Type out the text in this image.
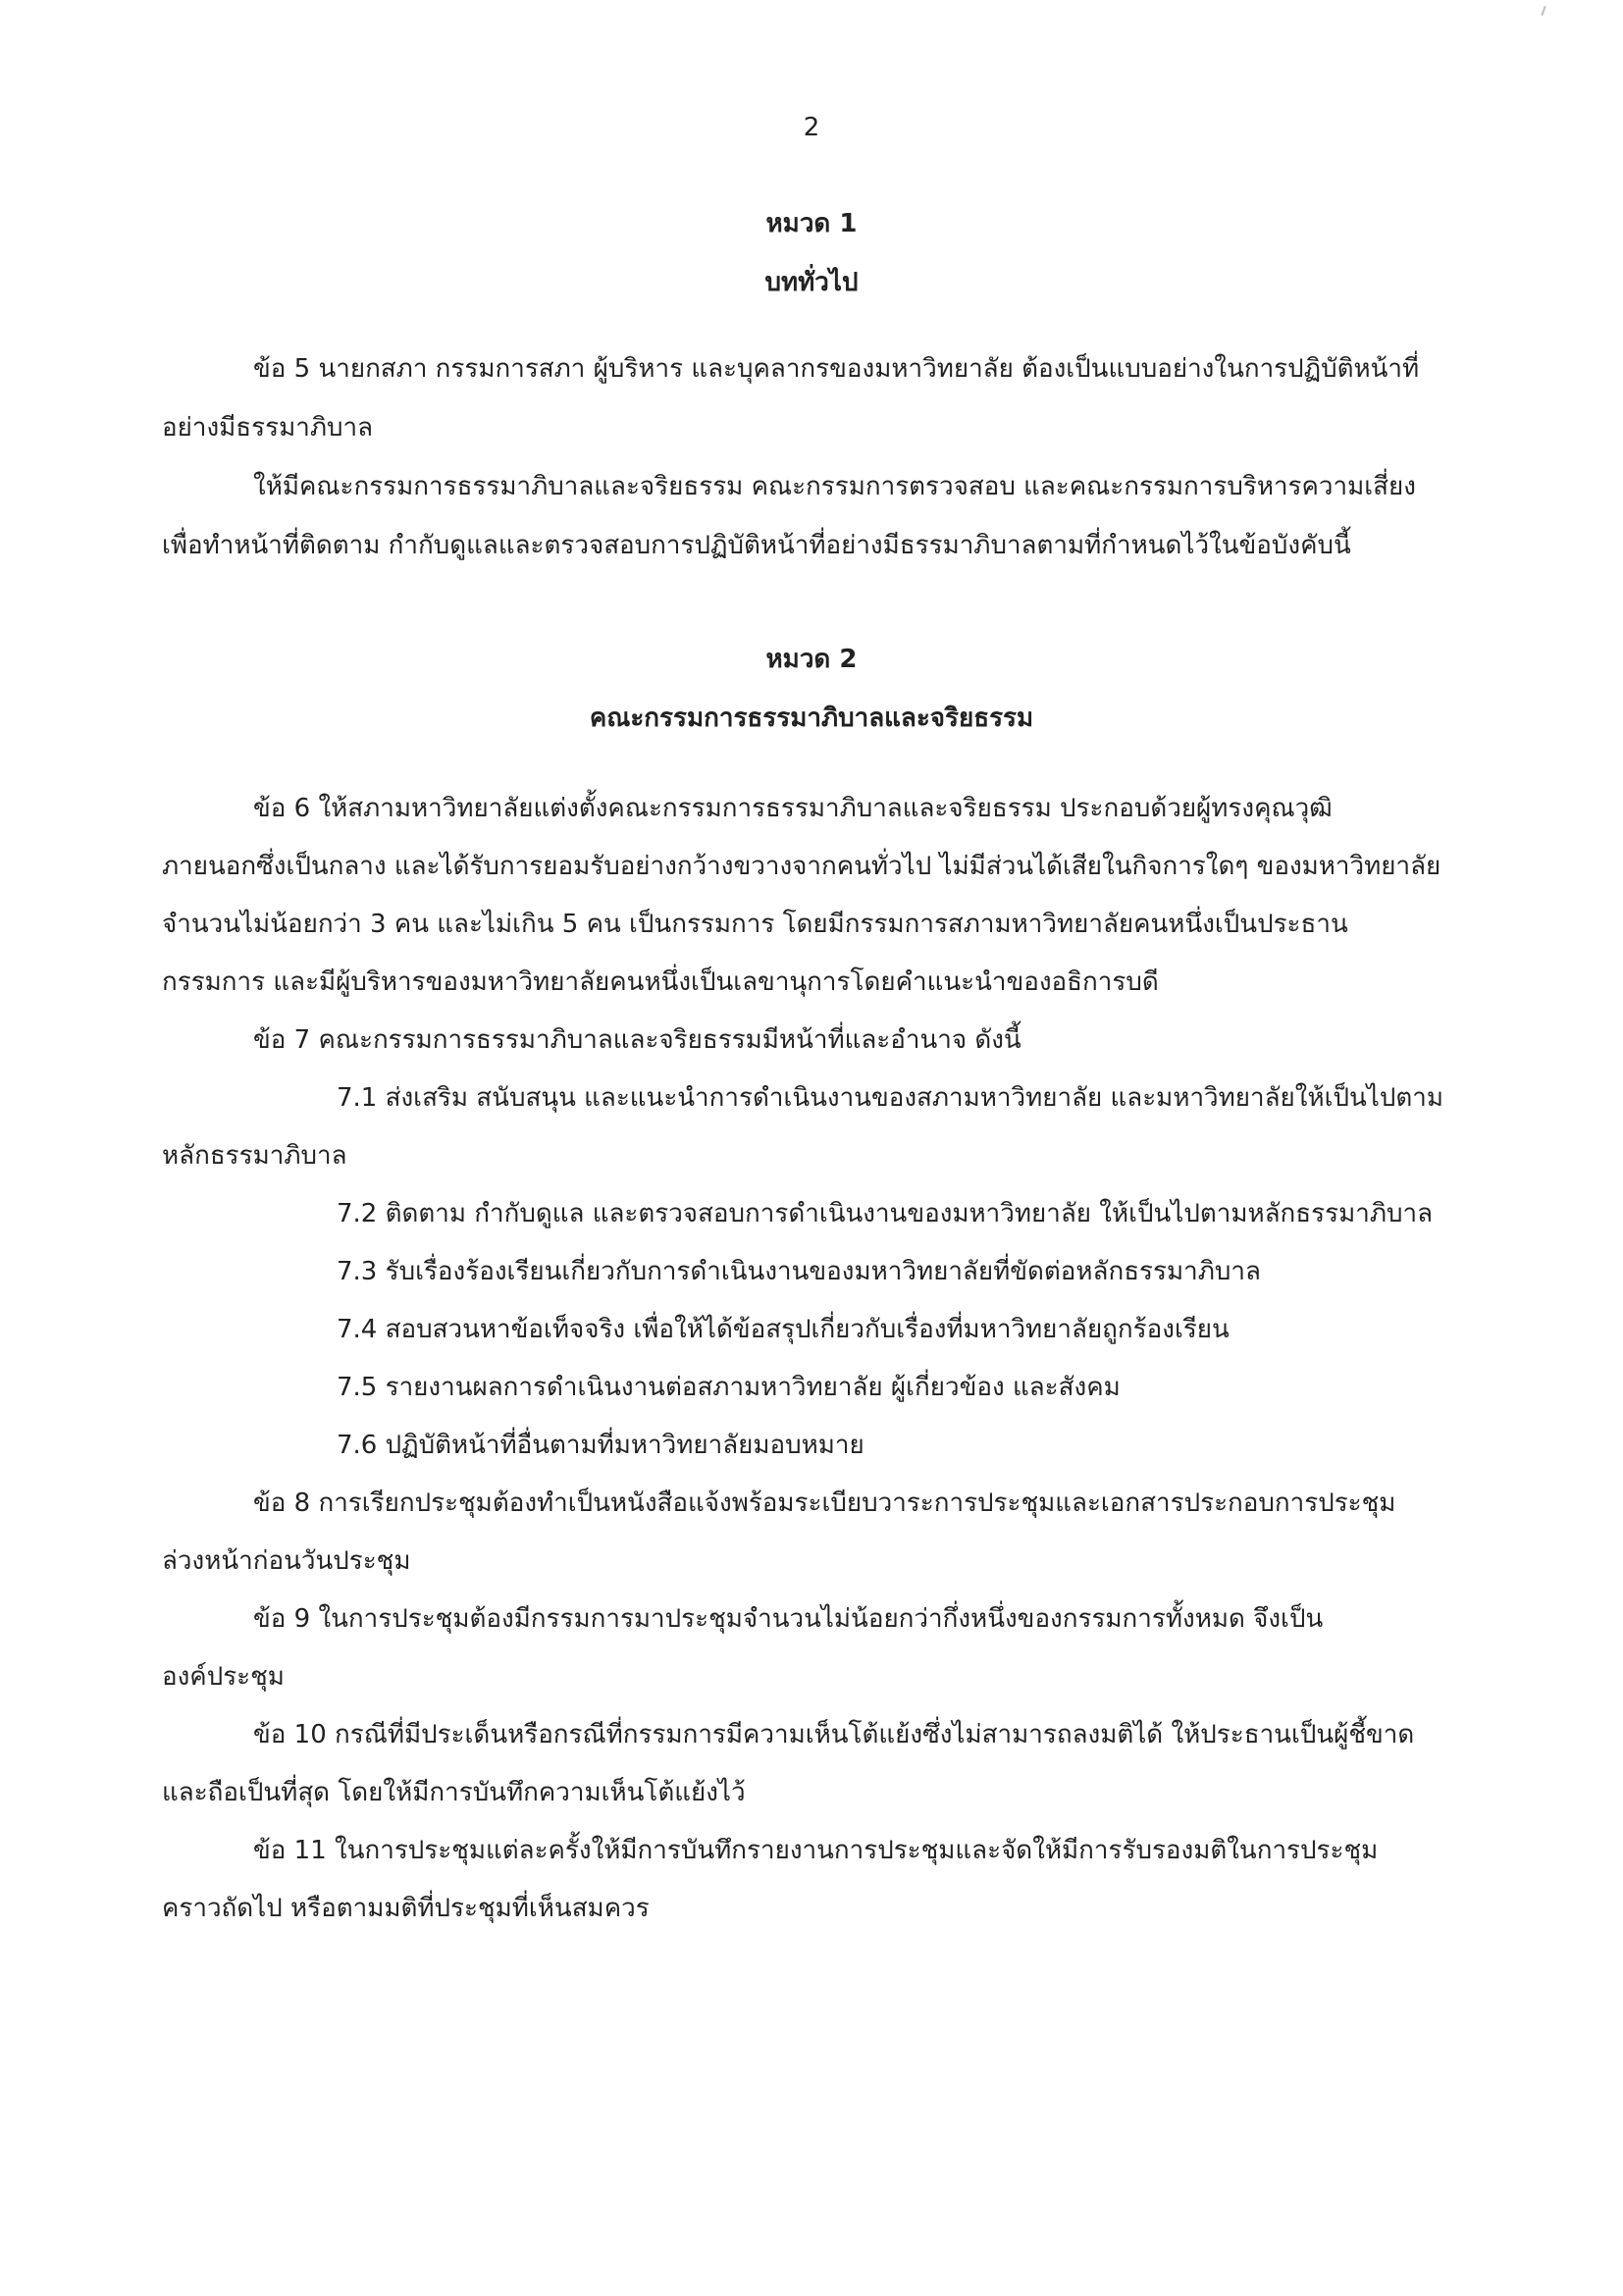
2
หมวด 1
บททั่วไป
ข้อ 5 นายกสภา กรรมการสภา ผู้บริหาร และบุคลากรของมหาวิทยาลัย ต้องเป็นแบบอย่างในการปฏิบัติหน้าที่
อย่างมีธรรมาภิบาล
ให้มีคณะกรรมการธรรมาภิบาลและจริยธรรม คณะกรรมการตรวจสอบ และคณะกรรมการบริหารความเสี่ยง
เพื่อทำหน้าที่ติดตาม กำกับดูแลและตรวจสอบการปฏิบัติหน้าที่อย่างมีธรรมาภิบาลตามที่กำหนดไว้ในข้อบังคับนี้
หมวด 2
คณะกรรมการธรรมาภิบาลและจริยธรรม
ข้อ 6 ให้สภามหาวิทยาลัยแต่งตั้งคณะกรรมการธรรมาภิบาลและจริยธรรม ประกอบด้วยผู้ทรงคุณวุฒิ
ภายนอกซึ่งเป็นกลาง และได้รับการยอมรับอย่างกว้างขวางจากคนทั่วไป ไม่มีส่วนได้เสียในกิจการใดๆ ของมหาวิทยาลัย
จำนวนไม่น้อยกว่า 3 คน และไม่เกิน 5 คน เป็นกรรมการ โดยมีกรรมการสภามหาวิทยาลัยคนหนึ่งเป็นประธาน
กรรมการ และมีผู้บริหารของมหาวิทยาลัยคนหนึ่งเป็นเลขานุการโดยคำแนะนำของอธิการบดี
ข้อ 7 คณะกรรมการธรรมาภิบาลและจริยธรรมมีหน้าที่และอำนาจ ดังนี้
7.1 ส่งเสริม สนับสนุน และแนะนำการดำเนินงานของสภามหาวิทยาลัย และมหาวิทยาลัยให้เป็นไปตาม
หลักธรรมาภิบาล
7.2 ติดตาม กำกับดูแล และตรวจสอบการดำเนินงานของมหาวิทยาลัย ให้เป็นไปตามหลักธรรมาภิบาล
7.3 รับเรื่องร้องเรียนเกี่ยวกับการดำเนินงานของมหาวิทยาลัยที่ขัดต่อหลักธรรมาภิบาล
7.4 สอบสวนหาข้อเท็จจริง เพื่อให้ได้ข้อสรุปเกี่ยวกับเรื่องที่มหาวิทยาลัยถูกร้องเรียน
7.5 รายงานผลการดำเนินงานต่อสภามหาวิทยาลัย ผู้เกี่ยวข้อง และสังคม
7.6 ปฏิบัติหน้าที่อื่นตามที่มหาวิทยาลัยมอบหมาย
ข้อ 8 การเรียกประชุมต้องทำเป็นหนังสือแจ้งพร้อมระเบียบวาระการประชุมและเอกสารประกอบการประชุม
ล่วงหน้าก่อนวันประชุม
ข้อ 9 ในการประชุมต้องมีกรรมการมาประชุมจำนวนไม่น้อยกว่ากึ่งหนึ่งของกรรมการทั้งหมด จึงเป็น
องค์ประชุม
ข้อ 10 กรณีที่มีประเด็นหรือกรณีที่กรรมการมีความเห็นโต้แย้งซึ่งไม่สามารถลงมติได้ ให้ประธานเป็นผู้ชี้ขาด
และถือเป็นที่สุด โดยให้มีการบันทึกความเห็นโต้แย้งไว้
ข้อ 11 ในการประชุมแต่ละครั้งให้มีการบันทึกรายงานการประชุมและจัดให้มีการรับรองมติในการประชุม
คราวถัดไป หรือตามมติที่ประชุมที่เห็นสมควร
